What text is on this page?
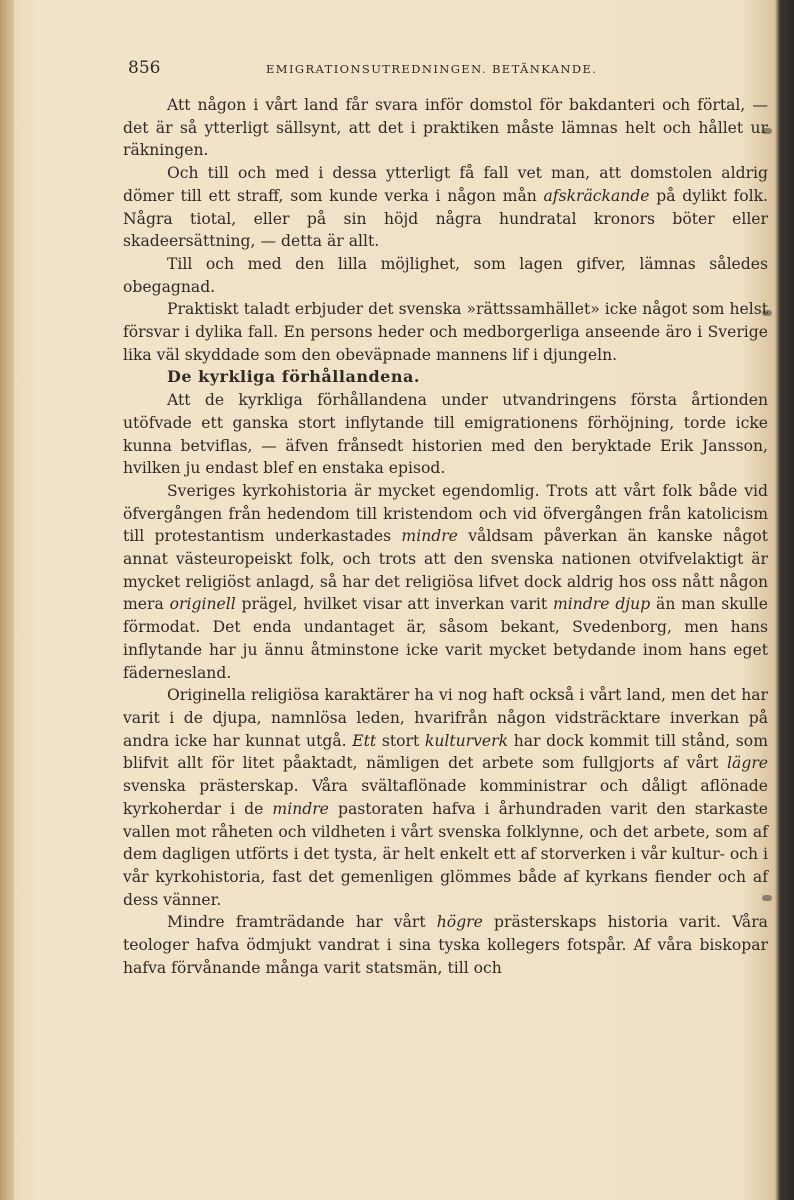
856	EMIGRATIONSUTREDNINGEN. BETÄNKANDE.

Att någon i vårt land får svara inför domstol för bakdanteri och förtal, — det är så ytterligt sällsynt, att det i praktiken måste lämnas helt och hållet ur räkningen.

Och till och med i dessa ytterligt få fall vet man, att domstolen aldrig dömer till ett straff, som kunde verka i någon mån afskräckande på dylikt folk. Några tiotal, eller på sin höjd några hundratal kronors böter eller skadeersättning, — detta är allt.

Till och med den lilla möjlighet, som lagen gifver, lämnas således obegagnad.

Praktiskt taladt erbjuder det svenska »rättssamhället» icke något som helst försvar i dylika fall. En persons heder och medborgerliga anseende äro i Sverige lika väl skyddade som den obeväpnade mannens lif i djungeln.

De kyrkliga förhållandena.

Att de kyrkliga förhållandena under utvandringens första årtionden utöfvade ett ganska stort inflytande till emigrationens förhöjning, torde icke kunna betviflas, — äfven frånsedt historien med den beryktade Erik Jansson, hvilken ju endast blef en enstaka episod.

Sveriges kyrkohistoria är mycket egendomlig. Trots att vårt folk både vid öfvergången från hedendom till kristendom och vid öfvergången från katolicism till protestantism underkastades mindre våldsam påverkan än kanske något annat västeuropeiskt folk, och trots att den svenska nationen otvifvelaktigt är mycket religiöst anlagd, så har det religiösa lifvet dock aldrig hos oss nått någon mera originell prägel, hvilket visar att inverkan varit mindre djup än man skulle förmodat. Det enda undantaget är, såsom bekant, Svedenborg, men hans inflytande har ju ännu åtminstone icke varit mycket betydande inom hans eget fädernesland.

Originella religiösa karaktärer ha vi nog haft också i vårt land, men det har varit i de djupa, namnlösa leden, hvarifrån någon vidsträcktare inverkan på andra icke har kunnat utgå. Ett stort kulturverk har dock kommit till stånd, som blifvit allt för litet påaktadt, nämligen det arbete som fullgjorts af vårt lägre svenska prästerskap. Våra svältaflönade komministrar och dåligt aflönade kyrkoherdar i de mindre pastoraten hafva i århundraden varit den starkaste vallen mot råheten och vildheten i vårt svenska folklynne, och det arbete, som af dem dagligen utförts i det tysta, är helt enkelt ett af storverken i vår kultur- och i vår kyrkohistoria, fast det gemenligen glömmes både af kyrkans fiender och af dess vänner.

Mindre framträdande har vårt högre prästerskaps historia varit. Våra teologer hafva ödmjukt vandrat i sina tyska kollegers fotspår. Af våra biskopar hafva förvånande många varit statsmän, till och
